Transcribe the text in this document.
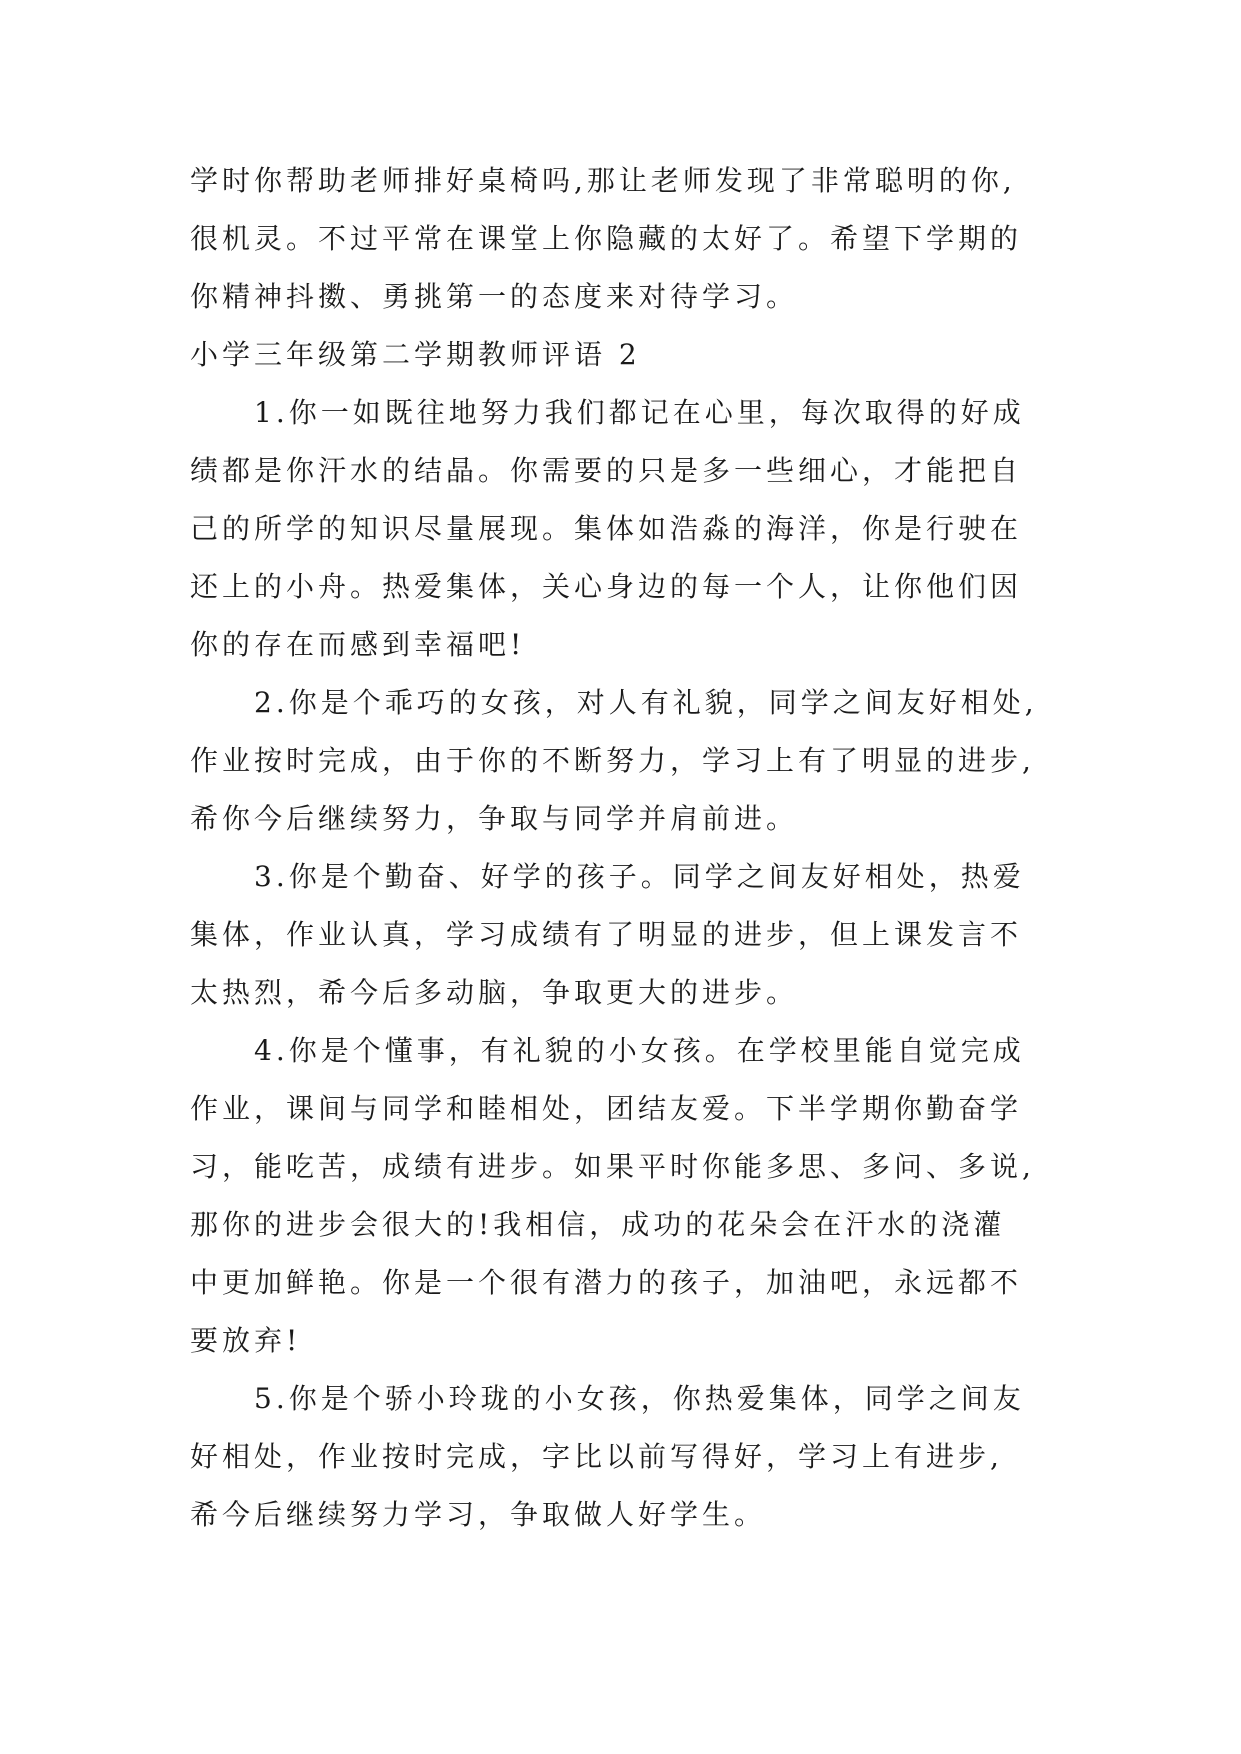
学时你帮助老师排好桌椅吗,那让老师发现了非常聪明的你,
很机灵。不过平常在课堂上你隐藏的太好了。希望下学期的
你精神抖擞、勇挑第一的态度来对待学习。
小学三年级第二学期教师评语 2
1.你一如既往地努力我们都记在心里，每次取得的好成
绩都是你汗水的结晶。你需要的只是多一些细心，才能把自
己的所学的知识尽量展现。集体如浩淼的海洋，你是行驶在
还上的小舟。热爱集体，关心身边的每一个人，让你他们因
你的存在而感到幸福吧!
2.你是个乖巧的女孩，对人有礼貌，同学之间友好相处,
作业按时完成，由于你的不断努力，学习上有了明显的进步,
希你今后继续努力，争取与同学并肩前进。
3.你是个勤奋、好学的孩子。同学之间友好相处，热爱
集体，作业认真，学习成绩有了明显的进步，但上课发言不
太热烈，希今后多动脑，争取更大的进步。
4.你是个懂事，有礼貌的小女孩。在学校里能自觉完成
作业，课间与同学和睦相处，团结友爱。下半学期你勤奋学
习，能吃苦，成绩有进步。如果平时你能多思、多问、多说,
那你的进步会很大的!我相信，成功的花朵会在汗水的浇灌
中更加鲜艳。你是一个很有潜力的孩子，加油吧，永远都不
要放弃!
5.你是个骄小玲珑的小女孩，你热爱集体，同学之间友
好相处，作业按时完成，字比以前写得好，学习上有进步,
希今后继续努力学习，争取做人好学生。
